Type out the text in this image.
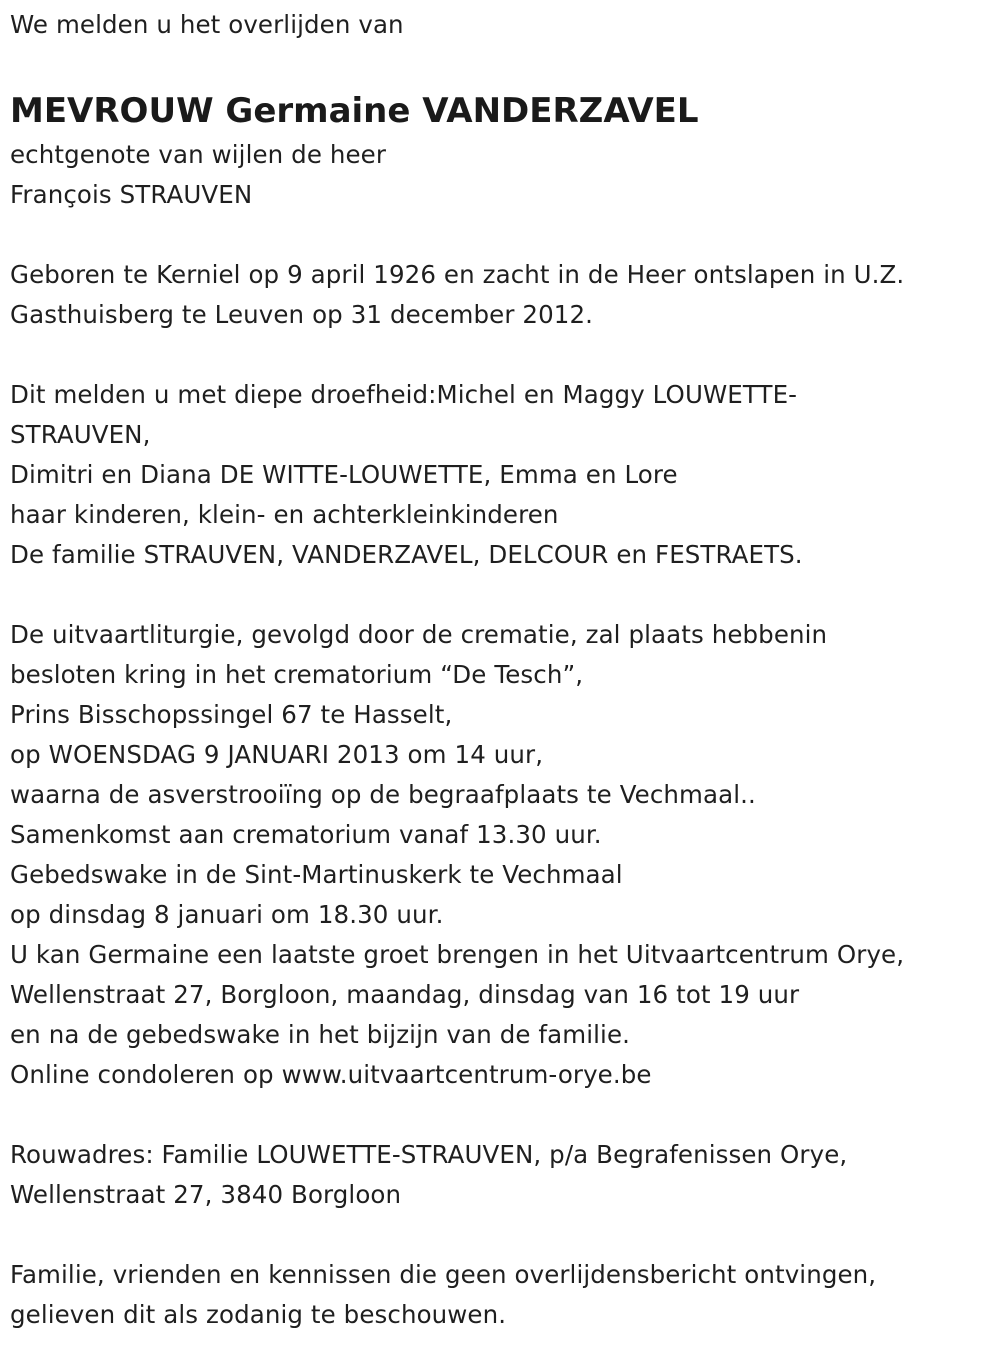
We melden u het overlijden van
MEVROUW Germaine VANDERZAVEL
echtgenote van wijlen de heer
François STRAUVEN
Geboren te Kerniel op 9 april 1926 en zacht in de Heer ontslapen in U.Z.
Gasthuisberg te Leuven op 31 december 2012.
Dit melden u met diepe droefheid:Michel en Maggy LOUWETTE-
STRAUVEN,
Dimitri en Diana DE WITTE-LOUWETTE, Emma en Lore
haar kinderen, klein- en achterkleinkinderen
De familie STRAUVEN, VANDERZAVEL, DELCOUR en FESTRAETS.
De uitvaartliturgie, gevolgd door de crematie, zal plaats hebbenin
besloten kring in het crematorium “De Tesch”,
Prins Bisschopssingel 67 te Hasselt,
op WOENSDAG 9 JANUARI 2013 om 14 uur,
waarna de asverstrooiïng op de begraafplaats te Vechmaal..
Samenkomst aan crematorium vanaf 13.30 uur.
Gebedswake in de Sint-Martinuskerk te Vechmaal
op dinsdag 8 januari om 18.30 uur.
U kan Germaine een laatste groet brengen in het Uitvaartcentrum Orye,
Wellenstraat 27, Borgloon, maandag, dinsdag van 16 tot 19 uur
en na de gebedswake in het bijzijn van de familie.
Online condoleren op www.uitvaartcentrum-orye.be
Rouwadres: Familie LOUWETTE-STRAUVEN, p/a Begrafenissen Orye,
Wellenstraat 27, 3840 Borgloon
Familie, vrienden en kennissen die geen overlijdensbericht ontvingen,
gelieven dit als zodanig te beschouwen.
